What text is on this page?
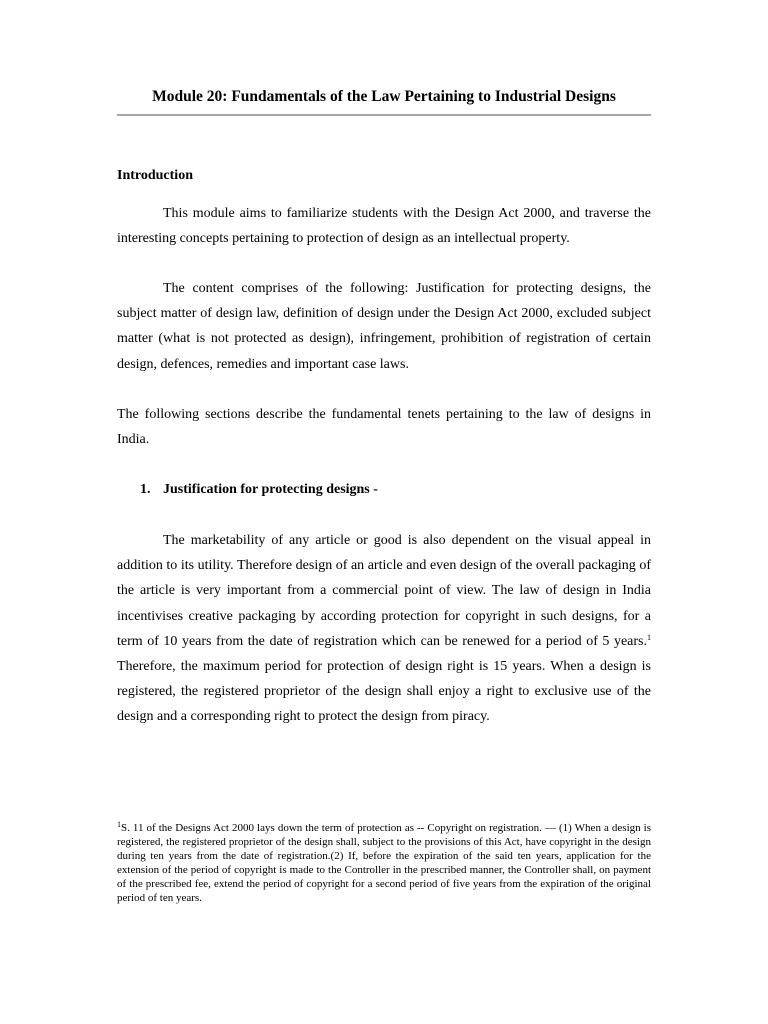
Module 20: Fundamentals of the Law Pertaining to Industrial Designs
Introduction

This module aims to familiarize students with the Design Act 2000, and traverse the interesting concepts pertaining to protection of design as an intellectual property.

The content comprises of the following: Justification for protecting designs, the subject matter of design law, definition of design under the Design Act 2000, excluded subject matter (what is not protected as design), infringement, prohibition of registration of certain design, defences, remedies and important case laws.

The following sections describe the fundamental tenets pertaining to the law of designs in India.

1. Justification for protecting designs -

The marketability of any article or good is also dependent on the visual appeal in addition to its utility. Therefore design of an article and even design of the overall packaging of the article is very important from a commercial point of view. The law of design in India incentivises creative packaging by according protection for copyright in such designs, for a term of 10 years from the date of registration which can be renewed for a period of 5 years.$^1$ Therefore, the maximum period for protection of design right is 15 years. When a design is registered, the registered proprietor of the design shall enjoy a right to exclusive use of the design and a corresponding right to protect the design from piracy.

$^1$S. 11 of the Designs Act 2000 lays down the term of protection as -- Copyright on registration. — (1) When a design is registered, the registered proprietor of the design shall, subject to the provisions of this Act, have copyright in the design during ten years from the date of registration.(2) If, before the expiration of the said ten years, application for the extension of the period of copyright is made to the Controller in the prescribed manner, the Controller shall, on payment of the prescribed fee, extend the period of copyright for a second period of five years from the expiration of the original period of ten years.
